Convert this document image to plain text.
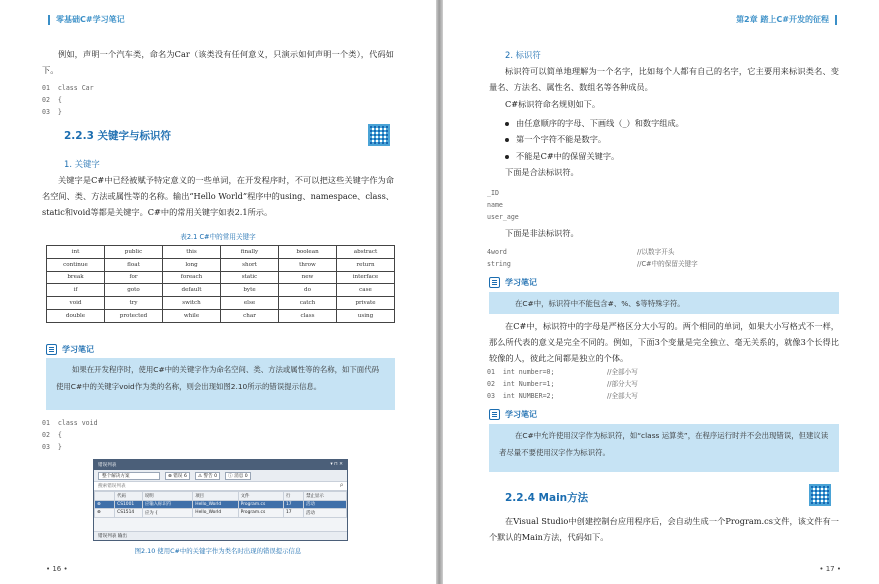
零基础C#学习笔记
例如，声明一个汽车类，命名为Car（该类没有任何意义，只演示如何声明一个类），代码如下。
01  class Car
02  {
03  }
2.2.3 关键字与标识符
1. 关键字
关键字是C#中已经被赋予特定意义的一些单词，在开发程序时，不可以把这些关键字作为命名空间、类、方法或属性等的名称。输出“Hello World”程序中的using、namespace、class、static和void等都是关键字。C#中的常用关键字如表2.1所示。
表2.1 C#中的常用关键字
int	public	this	finally	boolean	abstract
continue	float	long	short	throw	return
break	for	foreach	static	new	interface
if	goto	default	byte	do	case
void	try	switch	else	catch	private
double	protected	while	char	class	using
学习笔记
如果在开发程序时，使用C#中的关键字作为命名空间、类、方法或属性等的名称，如下面代码使用C#中的关键字void作为类的名称，则会出现如图2.10所示的错误提示信息。
01  class void
02  {
03  }
错误列表	▾ ⊓ ✕
整个解决方案	⊗ 错误 6	⚠ 警告 0	ⓘ 消息 0
搜索错误列表	ρ
	代码	说明	项目	文件	行	禁止显示
⊗	CS1001	应输入标识符	Hello_World	Program.cs	17	活动
⊗	CS1514	应为 {	Hello_World	Program.cs	17	活动
错误列表 输出
图2.10 使用C#中的关键字作为类名时出现的错误提示信息
• 16 •
第2章 踏上C#开发的征程
2. 标识符
标识符可以简单地理解为一个名字，比如每个人都有自己的名字，它主要用来标识类名、变量名、方法名、属性名、数组名等各种成员。
C#标识符命名规则如下。
由任意顺序的字母、下画线（_）和数字组成。
第一个字符不能是数字。
不能是C#中的保留关键字。
下面是合法标识符。
_ID
name
user_age
下面是非法标识符。
4word	//以数字开头
string	//C#中的保留关键字
学习笔记
在C#中，标识符中不能包含#、%、$等特殊字符。
在C#中，标识符中的字母是严格区分大小写的。两个相同的单词，如果大小写格式不一样，那么所代表的意义是完全不同的。例如，下面3个变量是完全独立、毫无关系的，就像3个长得比较像的人，彼此之间都是独立的个体。
01  int number=0;	//全部小写
02  int Number=1;	//部分大写
03  int NUMBER=2;	//全部大写
学习笔记
在C#中允许使用汉字作为标识符，如“class 运算类”，在程序运行时并不会出现错误，但建议读者尽量不要使用汉字作为标识符。
2.2.4 Main方法
在Visual Studio中创建控制台应用程序后，会自动生成一个Program.cs文件，该文件有一个默认的Main方法，代码如下。
• 17 •
